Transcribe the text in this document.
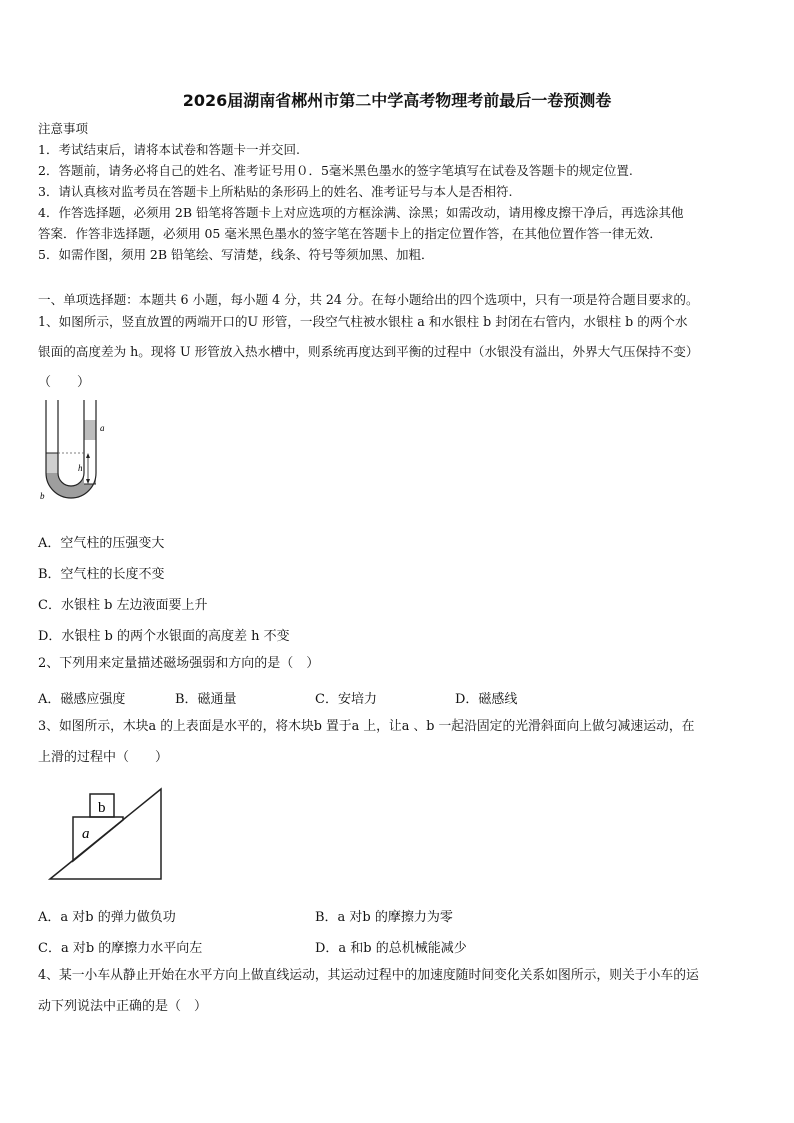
2026届湖南省郴州市第二中学高考物理考前最后一卷预测卷
注意事项
1．考试结束后，请将本试卷和答题卡一并交回.
2．答题前，请务必将自己的姓名、准考证号用０．5毫米黑色墨水的签字笔填写在试卷及答题卡的规定位置.
3．请认真核对监考员在答题卡上所粘贴的条形码上的姓名、准考证号与本人是否相符.
4．作答选择题，必须用 2B 铅笔将答题卡上对应选项的方框涂满、涂黑；如需改动，请用橡皮擦干净后，再选涂其他
答案．作答非选择题，必须用 05 毫米黑色墨水的签字笔在答题卡上的指定位置作答，在其他位置作答一律无效．
5．如需作图，须用 2B 铅笔绘、写清楚，线条、符号等须加黑、加粗．
一、单项选择题：本题共 6 小题，每小题 4 分，共 24 分。在每小题给出的四个选项中，只有一项是符合题目要求的。
1、如图所示，竖直放置的两端开口的U 形管，一段空气柱被水银柱 a 和水银柱 b 封闭在右管内，水银柱 b 的两个水
银面的高度差为 h。现将 U 形管放入热水槽中，则系统再度达到平衡的过程中（水银没有溢出，外界大气压保持不变）
（　　）
h
a
b
A．空气柱的压强变大
B．空气柱的长度不变
C．水银柱 b 左边液面要上升
D．水银柱 b 的两个水银面的高度差 h 不变
2、下列用来定量描述磁场强弱和方向的是（　）
A．磁感应强度	B．磁通量	C．安培力	D．磁感线
3、如图所示，木块a 的上表面是水平的，将木块b 置于a 上，让a 、b 一起沿固定的光滑斜面向上做匀减速运动，在
上滑的过程中（　　）
b
a
A．a 对b 的弹力做负功	B．a 对b 的摩擦力为零
C．a 对b 的摩擦力水平向左	D．a 和b 的总机械能减少
4、某一小车从静止开始在水平方向上做直线运动，其运动过程中的加速度随时间变化关系如图所示，则关于小车的运
动下列说法中正确的是（　）
